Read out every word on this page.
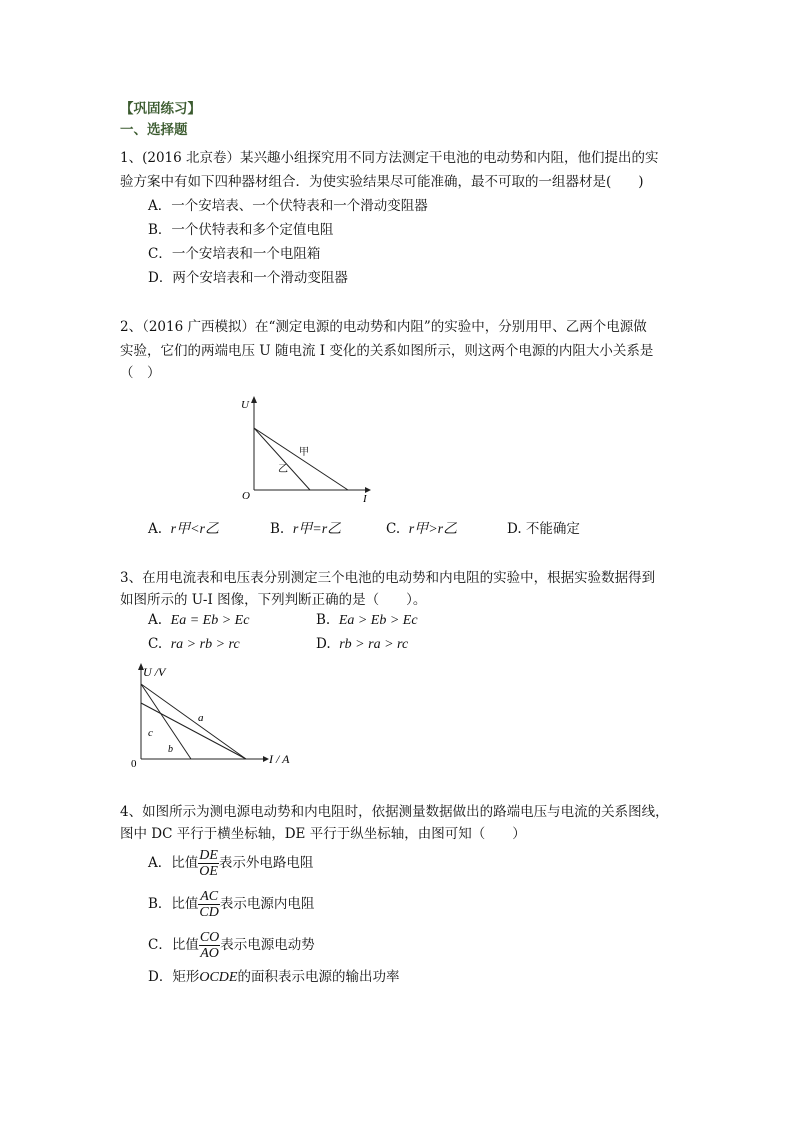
【巩固练习】
一、选择题
1、(2016 北京卷）某兴趣小组探究用不同方法测定干电池的电动势和内阻，他们提出的实
验方案中有如下四种器材组合．为使实验结果尽可能准确，最不可取的一组器材是(　　)
A．一个安培表、一个伏特表和一个滑动变阻器
B．一个伏特表和多个定值电阻
C．一个安培表和一个电阻箱
D．两个安培表和一个滑动变阻器
2、（2016 广西模拟）在“测定电源的电动势和内阻”的实验中，分别用甲、乙两个电源做
实验，它们的两端电压 U 随电流 I 变化的关系如图所示，则这两个电源的内阻大小关系是
（　）
U
I
O
甲
乙
A. r甲<r乙	B. r甲=r乙	C. r甲>r乙	D. 不能确定
3、在用电流表和电压表分别测定三个电池的电动势和内电阻的实验中，根据实验数据得到
如图所示的 U-I 图像，下列判断正确的是（　　）。
A. Ea = Eb > Ec	B. Ea > Eb > Ec
C. ra > rb > rc	D. rb > ra > rc
U /V
I / A
0
a
b
c
4、如图所示为测电源电动势和内电阻时，依据测量数据做出的路端电压与电流的关系图线，
图中 DC 平行于横坐标轴，DE 平行于纵坐标轴，由图可知（　　）
A．比值 $\frac{DE}{OE}$ 表示外电路电阻
B．比值 $\frac{AC}{CD}$ 表示电源内电阻
C．比值 $\frac{CO}{AO}$ 表示电源电动势
D．矩形OCDE的面积表示电源的输出功率
